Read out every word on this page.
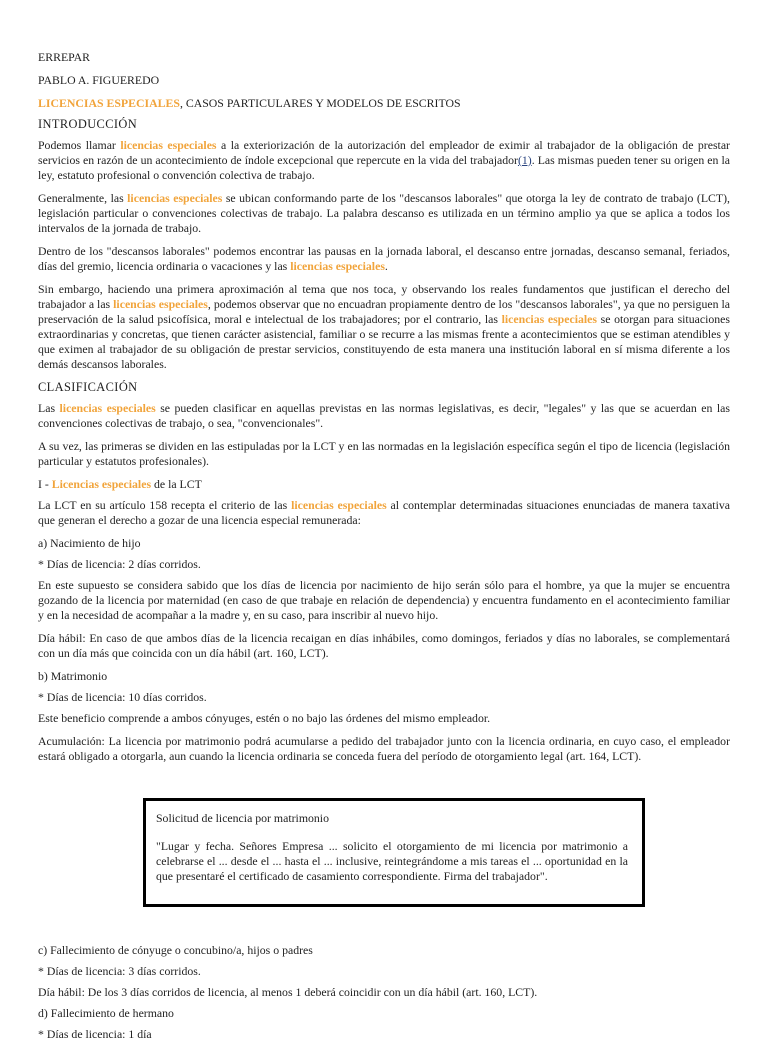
ERREPAR

PABLO A. FIGUEREDO

LICENCIAS ESPECIALES, CASOS PARTICULARES Y MODELOS DE ESCRITOS

INTRODUCCIÓN

Podemos llamar licencias especiales a la exteriorización de la autorización del empleador de eximir al trabajador de la obligación de prestar servicios en razón de un acontecimiento de índole excepcional que repercute en la vida del trabajador(1). Las mismas pueden tener su origen en la ley, estatuto profesional o convención colectiva de trabajo.

Generalmente, las licencias especiales se ubican conformando parte de los "descansos laborales" que otorga la ley de contrato de trabajo (LCT), legislación particular o convenciones colectivas de trabajo. La palabra descanso es utilizada en un término amplio ya que se aplica a todos los intervalos de la jornada de trabajo.

Dentro de los "descansos laborales" podemos encontrar las pausas en la jornada laboral, el descanso entre jornadas, descanso semanal, feriados, días del gremio, licencia ordinaria o vacaciones y las licencias especiales.

Sin embargo, haciendo una primera aproximación al tema que nos toca, y observando los reales fundamentos que justifican el derecho del trabajador a las licencias especiales, podemos observar que no encuadran propiamente dentro de los "descansos laborales", ya que no persiguen la preservación de la salud psicofísica, moral e intelectual de los trabajadores; por el contrario, las licencias especiales se otorgan para situaciones extraordinarias y concretas, que tienen carácter asistencial, familiar o se recurre a las mismas frente a acontecimientos que se estiman atendibles y que eximen al trabajador de su obligación de prestar servicios, constituyendo de esta manera una institución laboral en sí misma diferente a los demás descansos laborales.

CLASIFICACIÓN

Las licencias especiales se pueden clasificar en aquellas previstas en las normas legislativas, es decir, "legales" y las que se acuerdan en las convenciones colectivas de trabajo, o sea, "convencionales".

A su vez, las primeras se dividen en las estipuladas por la LCT y en las normadas en la legislación específica según el tipo de licencia (legislación particular y estatutos profesionales).

I - Licencias especiales de la LCT

La LCT en su artículo 158 recepta el criterio de las licencias especiales al contemplar determinadas situaciones enunciadas de manera taxativa que generan el derecho a gozar de una licencia especial remunerada:

a) Nacimiento de hijo

* Días de licencia: 2 días corridos.

En este supuesto se considera sabido que los días de licencia por nacimiento de hijo serán sólo para el hombre, ya que la mujer se encuentra gozando de la licencia por maternidad (en caso de que trabaje en relación de dependencia) y encuentra fundamento en el acontecimiento familiar y en la necesidad de acompañar a la madre y, en su caso, para inscribir al nuevo hijo.

Día hábil: En caso de que ambos días de la licencia recaigan en días inhábiles, como domingos, feriados y días no laborales, se complementará con un día más que coincida con un día hábil (art. 160, LCT).

b) Matrimonio

* Días de licencia: 10 días corridos.

Este beneficio comprende a ambos cónyuges, estén o no bajo las órdenes del mismo empleador.

Acumulación: La licencia por matrimonio podrá acumularse a pedido del trabajador junto con la licencia ordinaria, en cuyo caso, el empleador estará obligado a otorgarla, aun cuando la licencia ordinaria se conceda fuera del período de otorgamiento legal (art. 164, LCT).

Solicitud de licencia por matrimonio

"Lugar y fecha. Señores Empresa ... solicito el otorgamiento de mi licencia por matrimonio a celebrarse el ... desde el ... hasta el ... inclusive, reintegrándome a mis tareas el ... oportunidad en la que presentaré el certificado de casamiento correspondiente. Firma del trabajador".

c) Fallecimiento de cónyuge o concubino/a, hijos o padres

* Días de licencia: 3 días corridos.

Día hábil: De los 3 días corridos de licencia, al menos 1 deberá coincidir con un día hábil (art. 160, LCT).

d) Fallecimiento de hermano

* Días de licencia: 1 día
